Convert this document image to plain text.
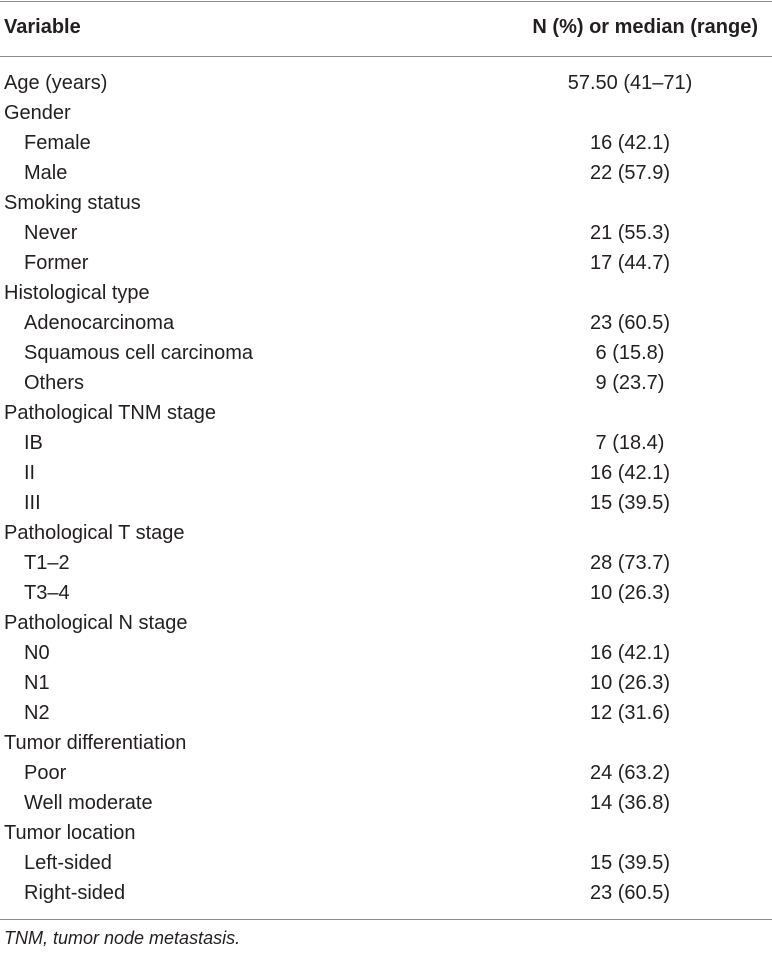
Variable	N (%) or median (range)
Age (years)	57.50 (41–71)
Gender
Female	16 (42.1)
Male	22 (57.9)
Smoking status
Never	21 (55.3)
Former	17 (44.7)
Histological type
Adenocarcinoma	23 (60.5)
Squamous cell carcinoma	6 (15.8)
Others	9 (23.7)
Pathological TNM stage
IB	7 (18.4)
II	16 (42.1)
III	15 (39.5)
Pathological T stage
T1–2	28 (73.7)
T3–4	10 (26.3)
Pathological N stage
N0	16 (42.1)
N1	10 (26.3)
N2	12 (31.6)
Tumor differentiation
Poor	24 (63.2)
Well moderate	14 (36.8)
Tumor location
Left-sided	15 (39.5)
Right-sided	23 (60.5)
TNM, tumor node metastasis.
